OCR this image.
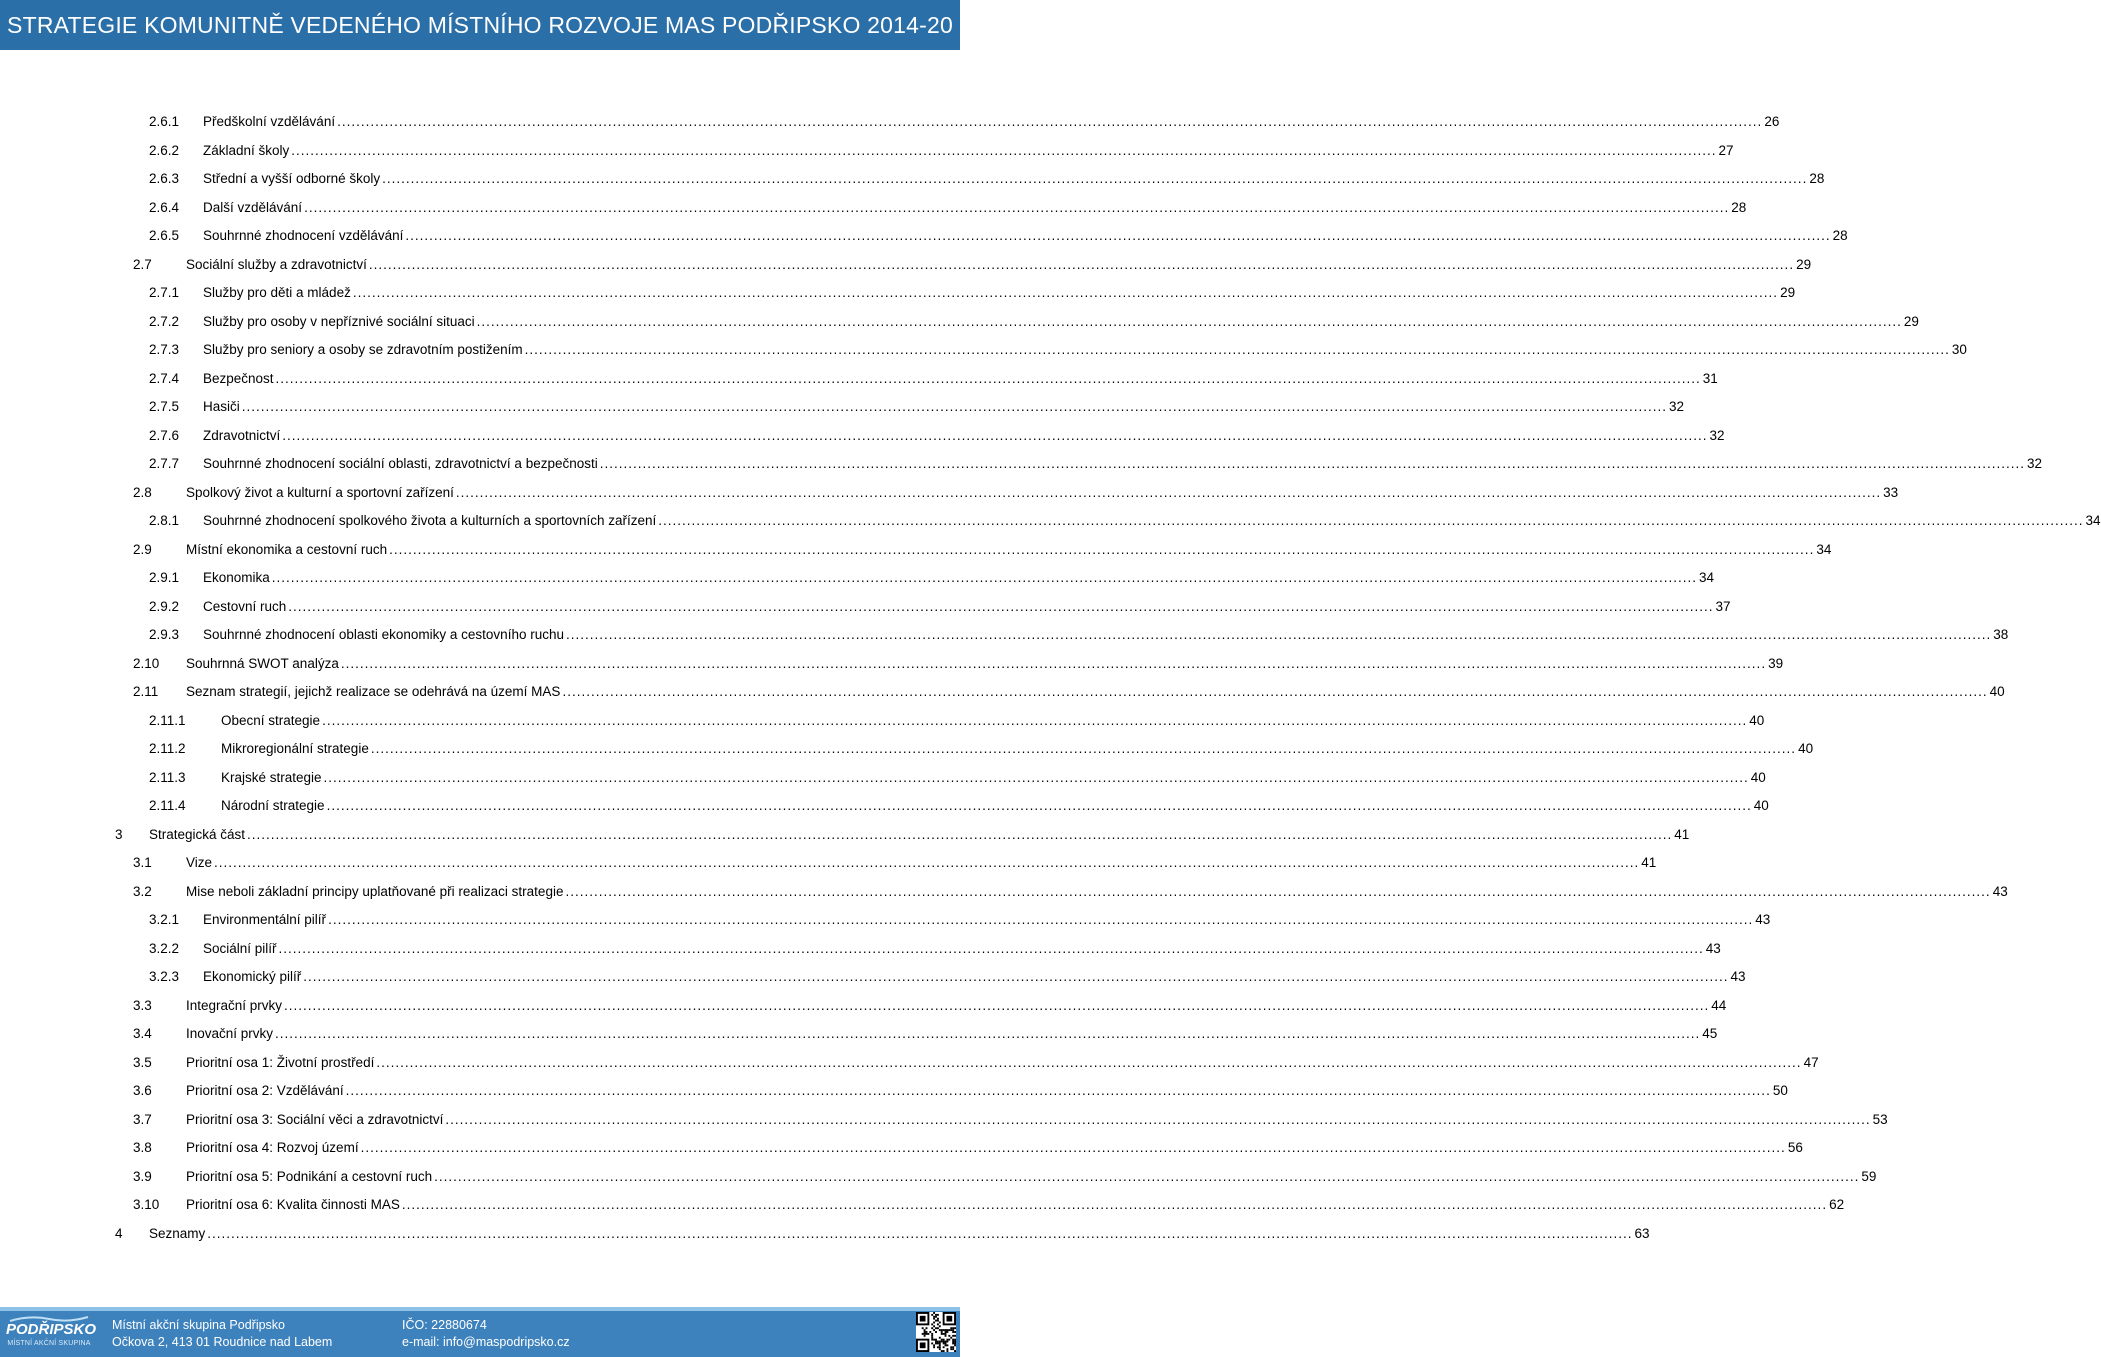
STRATEGIE KOMUNITNĚ VEDENÉHO MÍSTNÍHO ROZVOJE MAS PODŘIPSKO 2014-20
2.6.1 Předškolní vzdělávání ............................................................................................................................................................................................................................................................................................................ 26
2.6.2 Základní školy ............................................................................................................................................................................................................................................................................................................ 27
2.6.3 Střední a vyšší odborné školy ............................................................................................................................................................................................................................................................................................................ 28
2.6.4 Další vzdělávání ............................................................................................................................................................................................................................................................................................................ 28
2.6.5 Souhrnné zhodnocení vzdělávání ............................................................................................................................................................................................................................................................................................................ 28
2.7	Sociální služby a zdravotnictví ............................................................................................................................................................................................................................................................................................................ 29
2.7.1 Služby pro děti a mládež ............................................................................................................................................................................................................................................................................................................ 29
2.7.2 Služby pro osoby v nepříznivé sociální situaci ............................................................................................................................................................................................................................................................................................................ 29
2.7.3 Služby pro seniory a osoby se zdravotním postižením ............................................................................................................................................................................................................................................................................................................ 30
2.7.4 Bezpečnost ............................................................................................................................................................................................................................................................................................................ 31
2.7.5 Hasiči ............................................................................................................................................................................................................................................................................................................ 32
2.7.6 Zdravotnictví ............................................................................................................................................................................................................................................................................................................ 32
2.7.7 Souhrnné zhodnocení sociální oblasti, zdravotnictví a bezpečnosti ............................................................................................................................................................................................................................................................................................................ 32
2.8	Spolkový život a kulturní a sportovní zařízení ............................................................................................................................................................................................................................................................................................................ 33
2.8.1 Souhrnné zhodnocení spolkového života a kulturních a sportovních zařízení ............................................................................................................................................................................................................................................................................................................ 34
2.9	Místní ekonomika a cestovní ruch ............................................................................................................................................................................................................................................................................................................ 34
2.9.1 Ekonomika ............................................................................................................................................................................................................................................................................................................ 34
2.9.2 Cestovní ruch ............................................................................................................................................................................................................................................................................................................ 37
2.9.3 Souhrnné zhodnocení oblasti ekonomiky a cestovního ruchu ............................................................................................................................................................................................................................................................................................................ 38
2.10 Souhrnná SWOT analýza ............................................................................................................................................................................................................................................................................................................ 39
2.11 Seznam strategií, jejichž realizace se odehrává na území MAS ............................................................................................................................................................................................................................................................................................................ 40
2.11.1	Obecní strategie ............................................................................................................................................................................................................................................................................................................ 40
2.11.2	Mikroregionální strategie ............................................................................................................................................................................................................................................................................................................ 40
2.11.3	Krajské strategie ............................................................................................................................................................................................................................................................................................................ 40
2.11.4	Národní strategie ............................................................................................................................................................................................................................................................................................................ 40
3 Strategická část ............................................................................................................................................................................................................................................................................................................ 41
3.1	Vize ............................................................................................................................................................................................................................................................................................................ 41
3.2	Mise neboli základní principy uplatňované při realizaci strategie ............................................................................................................................................................................................................................................................................................................ 43
3.2.1 Environmentální pilíř ............................................................................................................................................................................................................................................................................................................ 43
3.2.2 Sociální pilíř ............................................................................................................................................................................................................................................................................................................ 43
3.2.3 Ekonomický pilíř ............................................................................................................................................................................................................................................................................................................ 43
3.3	Integrační prvky ............................................................................................................................................................................................................................................................................................................ 44
3.4	Inovační prvky ............................................................................................................................................................................................................................................................................................................ 45
3.5	Prioritní osa 1: Životní prostředí ............................................................................................................................................................................................................................................................................................................ 47
3.6	Prioritní osa 2: Vzdělávání ............................................................................................................................................................................................................................................................................................................ 50
3.7	Prioritní osa 3: Sociální věci a zdravotnictví ............................................................................................................................................................................................................................................................................................................ 53
3.8	Prioritní osa 4: Rozvoj území ............................................................................................................................................................................................................................................................................................................ 56
3.9	Prioritní osa 5: Podnikání a cestovní ruch ............................................................................................................................................................................................................................................................................................................ 59
3.10 Prioritní osa 6: Kvalita činnosti MAS ............................................................................................................................................................................................................................................................................................................ 62
4 Seznamy ............................................................................................................................................................................................................................................................................................................ 63
PODŘIPSKO
MÍSTNÍ AKČNÍ SKUPINA
Místní akční skupina Podřipsko
Očkova 2, 413 01 Roudnice nad Labem
IČO: 22880674
e-mail: info@maspodripsko.cz
